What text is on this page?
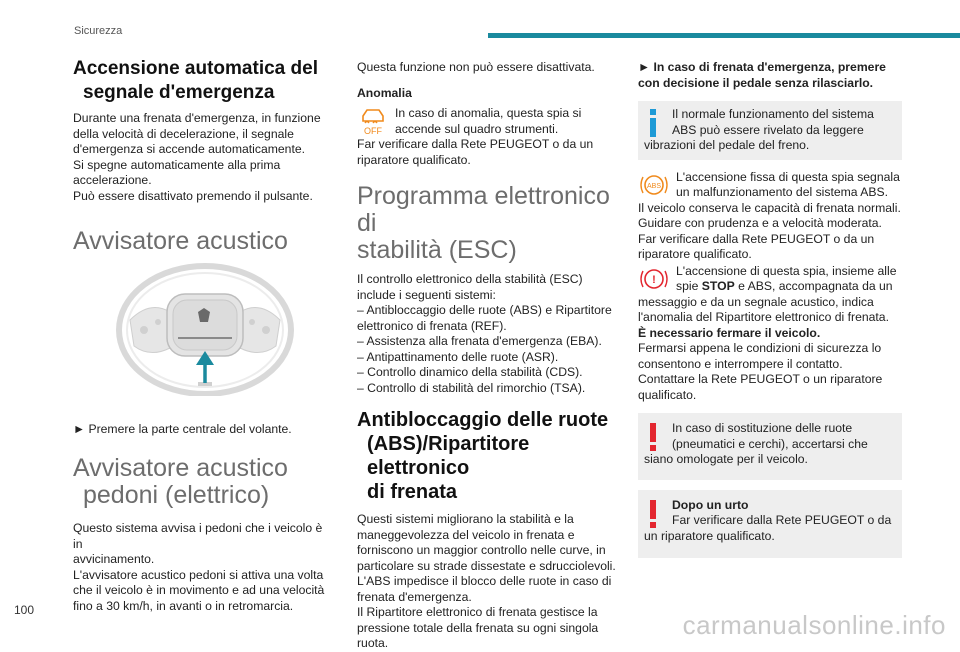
Sicurezza
100	carmanualsonline.info
Accensione automatica del
segnale d'emergenza

Durante una frenata d'emergenza, in funzione

della velocità di decelerazione, il segnale

d'emergenza si accende automaticamente.

Si spegne automaticamente alla prima

accelerazione.

Può essere disattivato premendo il pulsante.

Avvisatore acustico

► Premere la parte centrale del volante.

Avvisatore acustico
pedoni (elettrico)

Questo sistema avvisa i pedoni che i veicolo è in

avvicinamento.

L'avvisatore acustico pedoni si attiva una volta

che il veicolo è in movimento e ad una velocità

fino a 30 km/h, in avanti o in retromarcia.

Questa funzione non può essere disattivata.

Anomalia

OFF

In caso di anomalia, questa spia si

accende sul quadro strumenti.

Far verificare dalla Rete PEUGEOT o da un

riparatore qualificato.

Programma elettronico di
stabilità (ESC)

Il controllo elettronico della stabilità (ESC)

include i seguenti sistemi:

– Antibloccaggio delle ruote (ABS) e Ripartitore

elettronico di frenata (REF).

– Assistenza alla frenata d'emergenza (EBA).

– Antipattinamento delle ruote (ASR).

– Controllo dinamico della stabilità (CDS).

– Controllo di stabilità del rimorchio (TSA).

Antibloccaggio delle ruote
(ABS)/Ripartitore elettronico
di frenata

Questi sistemi migliorano la stabilità e la

maneggevolezza del veicolo in frenata e

forniscono un maggior controllo nelle curve, in

particolare su strade dissestate e sdrucciolevoli.

L'ABS impedisce il blocco delle ruote in caso di

frenata d'emergenza.

Il Ripartitore elettronico di frenata gestisce la

pressione totale della frenata su ogni singola

ruota.

► In caso di frenata d'emergenza, premere

con decisione il pedale senza rilasciarlo.

Il normale funzionamento del sistema

ABS può essere rivelato da leggere

vibrazioni del pedale del freno.

ABS

L'accensione fissa di questa spia segnala

un malfunzionamento del sistema ABS.

Il veicolo conserva le capacità di frenata normali.

Guidare con prudenza e a velocità moderata.

Far verificare dalla Rete PEUGEOT o da un

riparatore qualificato.

!

L'accensione di questa spia, insieme alle

spie STOP e ABS, accompagnata da un

messaggio e da un segnale acustico, indica

l'anomalia del Ripartitore elettronico di frenata.

È necessario fermare il veicolo.

Fermarsi appena le condizioni di sicurezza lo

consentono e interrompere il contatto.

Contattare la Rete PEUGEOT o un riparatore

qualificato.

In caso di sostituzione delle ruote

(pneumatici e cerchi), accertarsi che

siano omologate per il veicolo.

Dopo un urto

Far verificare dalla Rete PEUGEOT o da

un riparatore qualificato.
